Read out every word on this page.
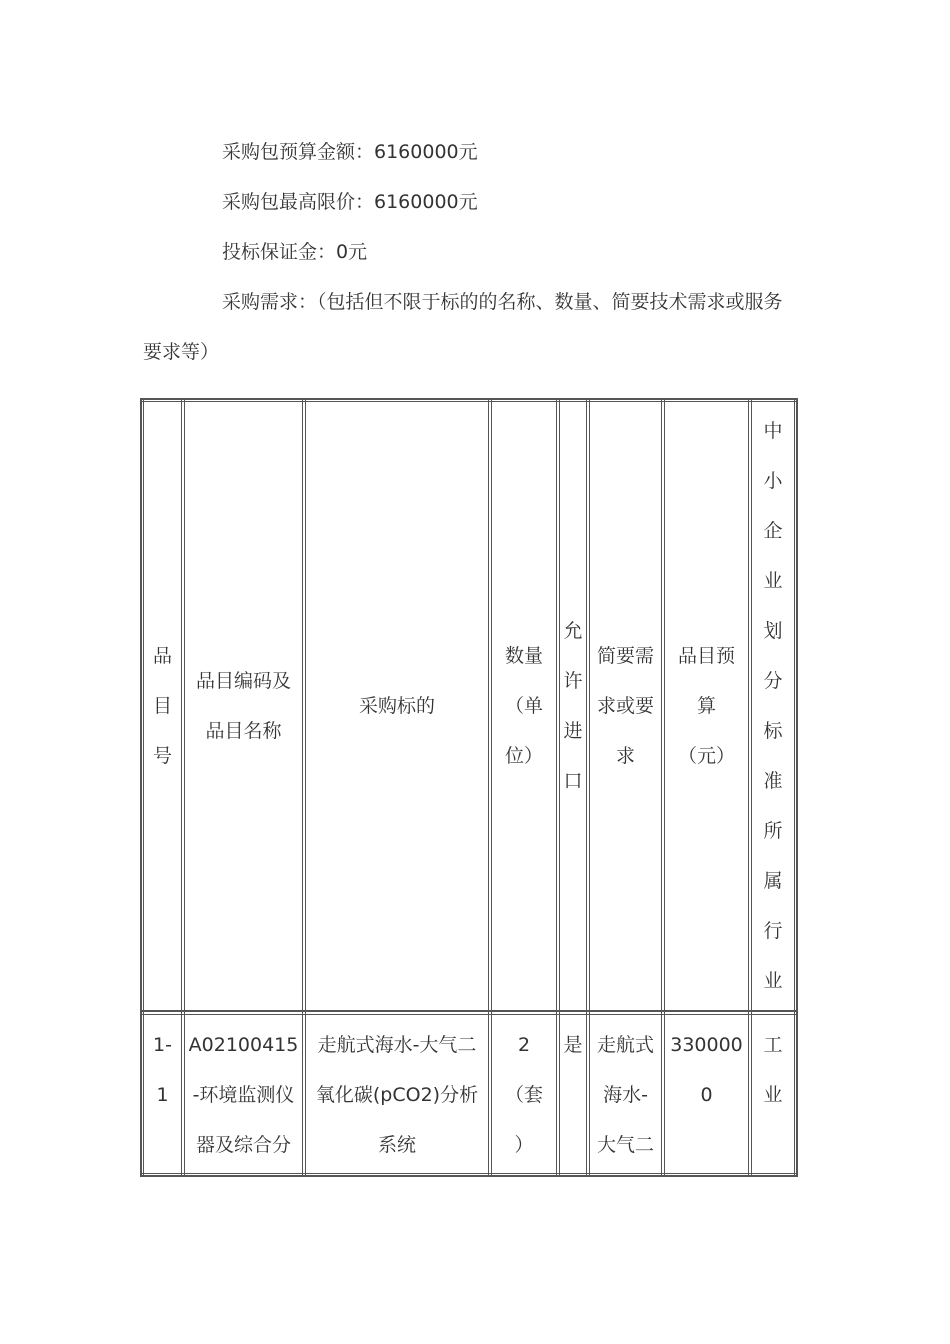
采购包预算金额：6160000元
采购包最高限价：6160000元
投标保证金：0元
采购需求：（包括但不限于标的的名称、数量、简要技术需求或服务
要求等）
品
目
号
品目编码及
品目名称
采购标的
数量
（单
位）
允
许
进
口
简要需
求或要
求
品目预
算
（元）
中
小
企
业
划
分
标
准
所
属
行
业
1-
1
A02100415
-环境监测仪
器及综合分
走航式海水-大气二
氧化碳(pCO2)分析
系统
2
（套
）
是 走航式
海水-
大气二
330000
0
工
业
